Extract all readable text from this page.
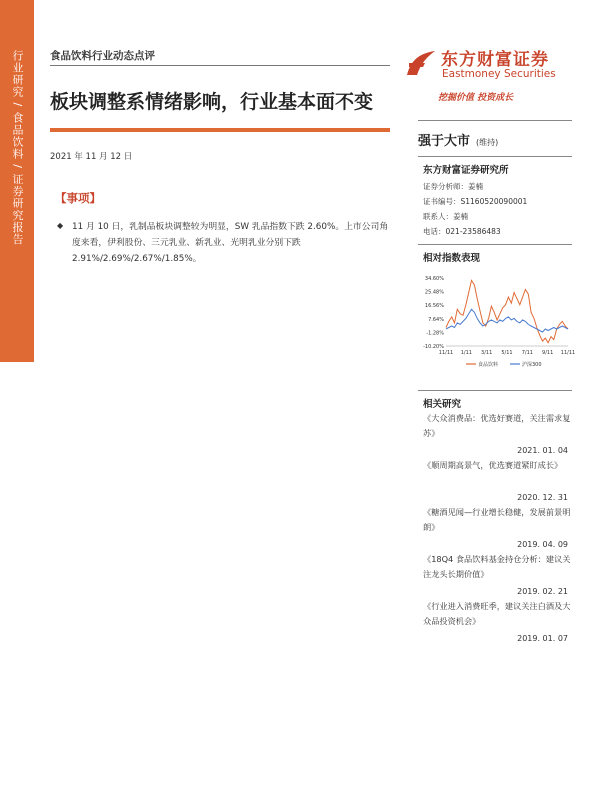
行业研究 / 食品饮料 / 证券研究报告	食品饮料行业动态点评	东方财富证券
Eastmoney Securities
挖掘价值 投资成长
板块调整系情绪影响，行业基本面不变
2021 年 11 月 12 日
【事项】
◆ 11 月 10 日，乳制品板块调整较为明显，SW 乳品指数下跌 2.60%。上市公司角度来看，伊利股份、三元乳业、新乳业、光明乳业分别下跌 2.91%/2.69%/2.67%/1.85%。
强于大市 (维持)
东方财富证券研究所
证券分析师：姜楠
证书编号：S1160520090001
联系人：姜楠
电话：021-23586483
相对指数表现
34.60%
25.48%
16.56%
7.64%
-1.28%
-10.20%
11/11 1/11 3/11 5/11 7/11 9/11 11/11
食品饮料	沪深300
相关研究
《大众消费品：优选好赛道，关注需求复苏》
2021. 01. 04
《顺周期高景气，优选赛道紧盯成长》
2020. 12. 31
《糖酒见闻—行业增长稳健，发展前景明朗》
2019. 04. 09
《18Q4 食品饮料基金持仓分析：建议关注龙头长期价值》
2019. 02. 21
《行业进入消费旺季，建议关注白酒及大众品投资机会》
2019. 01. 07
